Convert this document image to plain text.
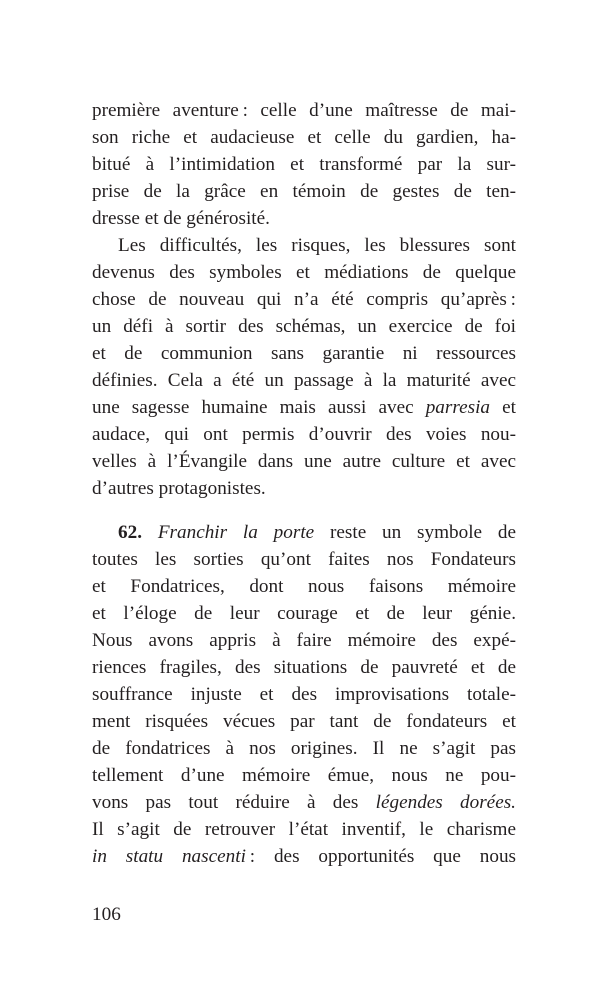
première aventure : celle d’une maîtresse de mai-
son riche et audacieuse et celle du gardien, ha-
bitué à l’intimidation et transformé par la sur-
prise de la grâce en témoin de gestes de ten-
dresse et de générosité.
Les difficultés, les risques, les blessures sont
devenus des symboles et médiations de quelque
chose de nouveau qui n’a été compris qu’après :
un défi à sortir des schémas, un exercice de foi
et de communion sans garantie ni ressources
définies. Cela a été un passage à la maturité avec
une sagesse humaine mais aussi avec parresia et
audace, qui ont permis d’ouvrir des voies nou-
velles à l’Évangile dans une autre culture et avec
d’autres protagonistes.
62. Franchir la porte reste un symbole de
toutes les sorties qu’ont faites nos Fondateurs
et Fondatrices, dont nous faisons mémoire
et l’éloge de leur courage et de leur génie.
Nous avons appris à faire mémoire des expé-
riences fragiles, des situations de pauvreté et de
souffrance injuste et des improvisations totale-
ment risquées vécues par tant de fondateurs et
de fondatrices à nos origines. Il ne s’agit pas
tellement d’une mémoire émue, nous ne pou-
vons pas tout réduire à des légendes dorées.
Il s’agit de retrouver l’état inventif, le charisme
in statu nascenti : des opportunités que nous
106
